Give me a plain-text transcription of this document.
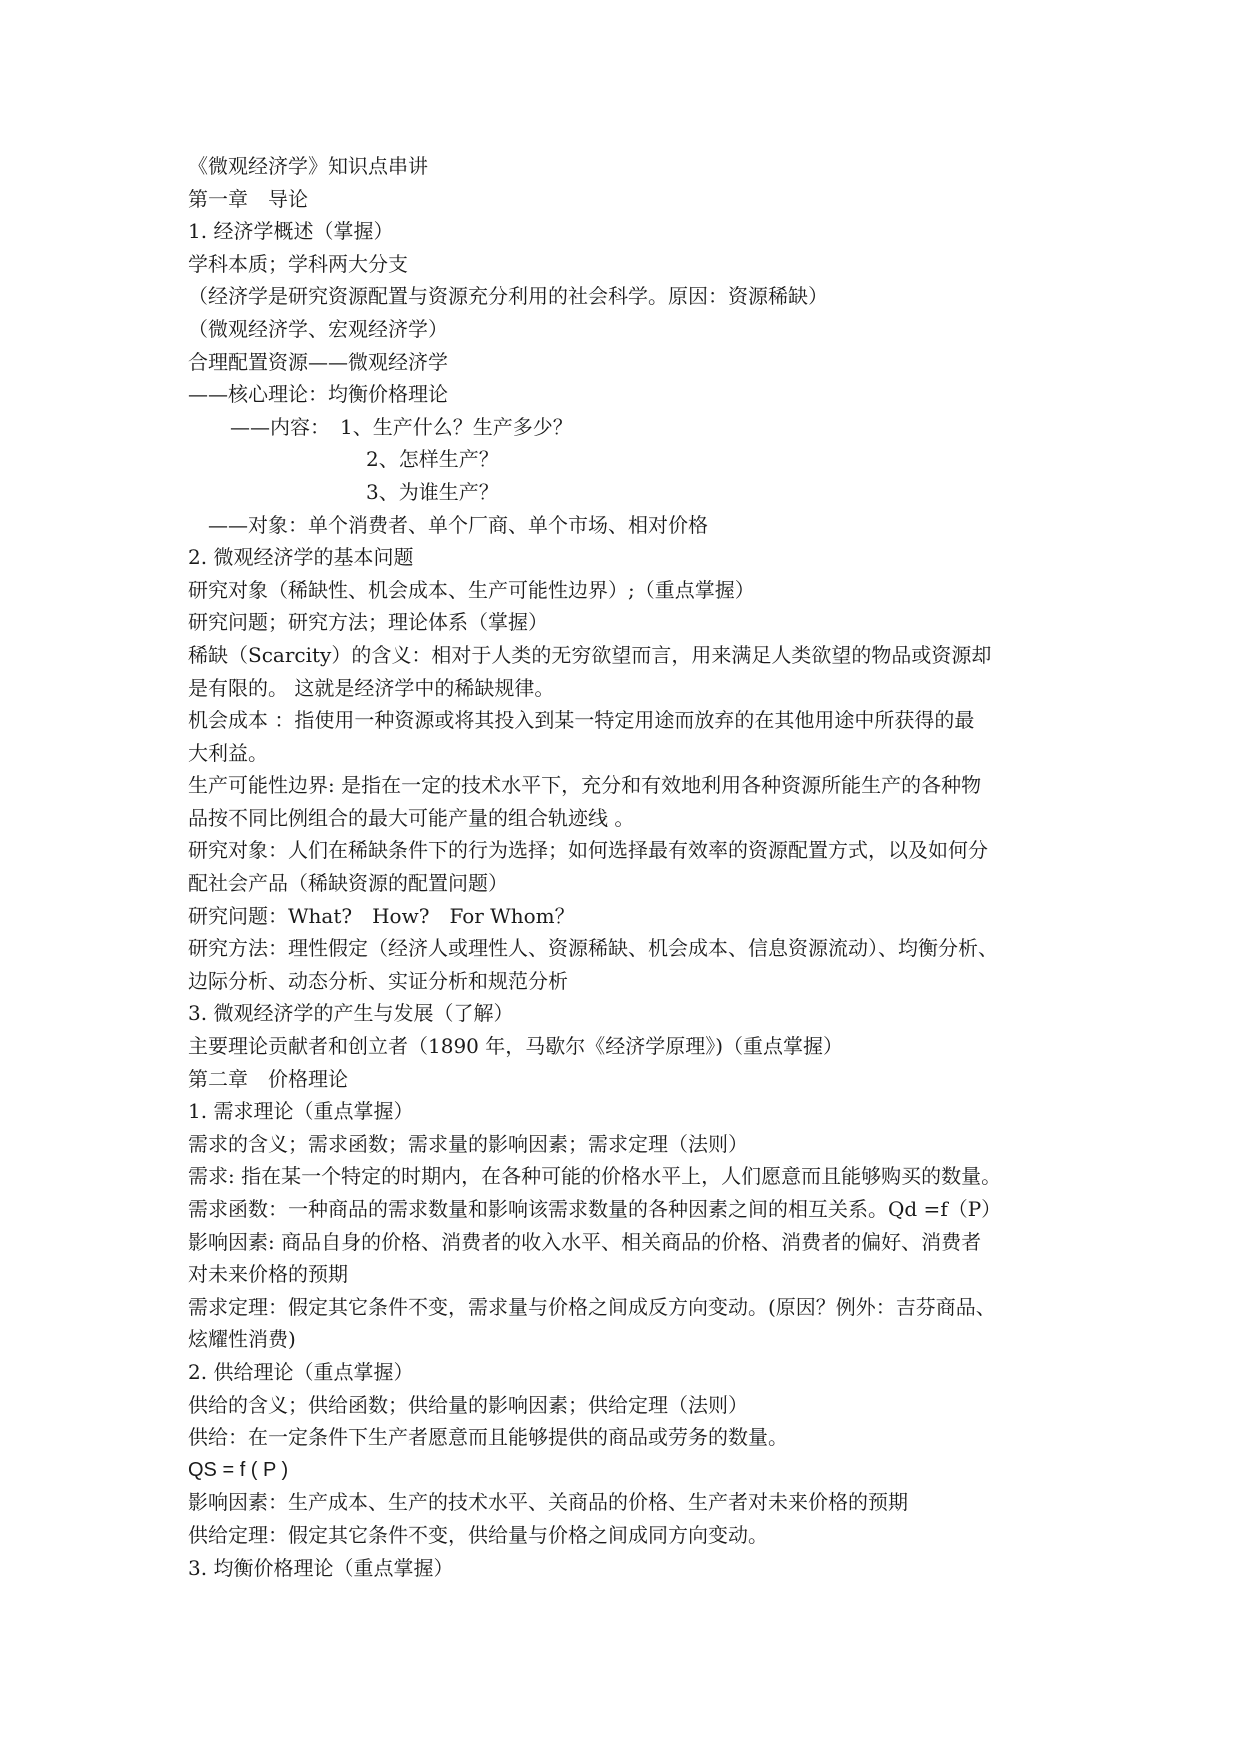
《微观经济学》知识点串讲
第一章　导论
1. 经济学概述（掌握）
学科本质；学科两大分支
（经济学是研究资源配置与资源充分利用的社会科学。原因：资源稀缺）
（微观经济学、宏观经济学）
合理配置资源——微观经济学
——核心理论：均衡价格理论
——内容：　1、生产什么？生产多少？
2、怎样生产？
3、为谁生产？
——对象：单个消费者、单个厂商、单个市场、相对价格
2. 微观经济学的基本问题
研究对象（稀缺性、机会成本、生产可能性边界）;（重点掌握）
研究问题；研究方法；理论体系（掌握）
稀缺（Scarcity）的含义：相对于人类的无穷欲望而言，用来满足人类欲望的物品或资源却
是有限的。 这就是经济学中的稀缺规律。
机会成本 ：指使用一种资源或将其投入到某一特定用途而放弃的在其他用途中所获得的最
大利益。
生产可能性边界: 是指在一定的技术水平下，充分和有效地利用各种资源所能生产的各种物
品按不同比例组合的最大可能产量的组合轨迹线 。
研究对象：人们在稀缺条件下的行为选择；如何选择最有效率的资源配置方式，以及如何分
配社会产品（稀缺资源的配置问题）
研究问题：What?　How?　For Whom？
研究方法：理性假定（经济人或理性人、资源稀缺、机会成本、信息资源流动）、均衡分析、
边际分析、动态分析、实证分析和规范分析
3. 微观经济学的产生与发展（了解）
主要理论贡献者和创立者（1890 年，马歇尔《经济学原理》)（重点掌握）
第二章　价格理论
1. 需求理论（重点掌握）
需求的含义；需求函数；需求量的影响因素；需求定理（法则）
需求: 指在某一个特定的时期内，在各种可能的价格水平上，人们愿意而且能够购买的数量。
需求函数：一种商品的需求数量和影响该需求数量的各种因素之间的相互关系。Qd =f（P）
影响因素: 商品自身的价格、消费者的收入水平、相关商品的价格、消费者的偏好、消费者
对未来价格的预期
需求定理：假定其它条件不变，需求量与价格之间成反方向变动。(原因？例外：吉芬商品、
炫耀性消费)
2. 供给理论（重点掌握）
供给的含义；供给函数；供给量的影响因素；供给定理（法则）
供给：在一定条件下生产者愿意而且能够提供的商品或劳务的数量。
QS = f ( P )
影响因素：生产成本、生产的技术水平、关商品的价格、生产者对未来价格的预期
供给定理：假定其它条件不变，供给量与价格之间成同方向变动。
3. 均衡价格理论（重点掌握）
